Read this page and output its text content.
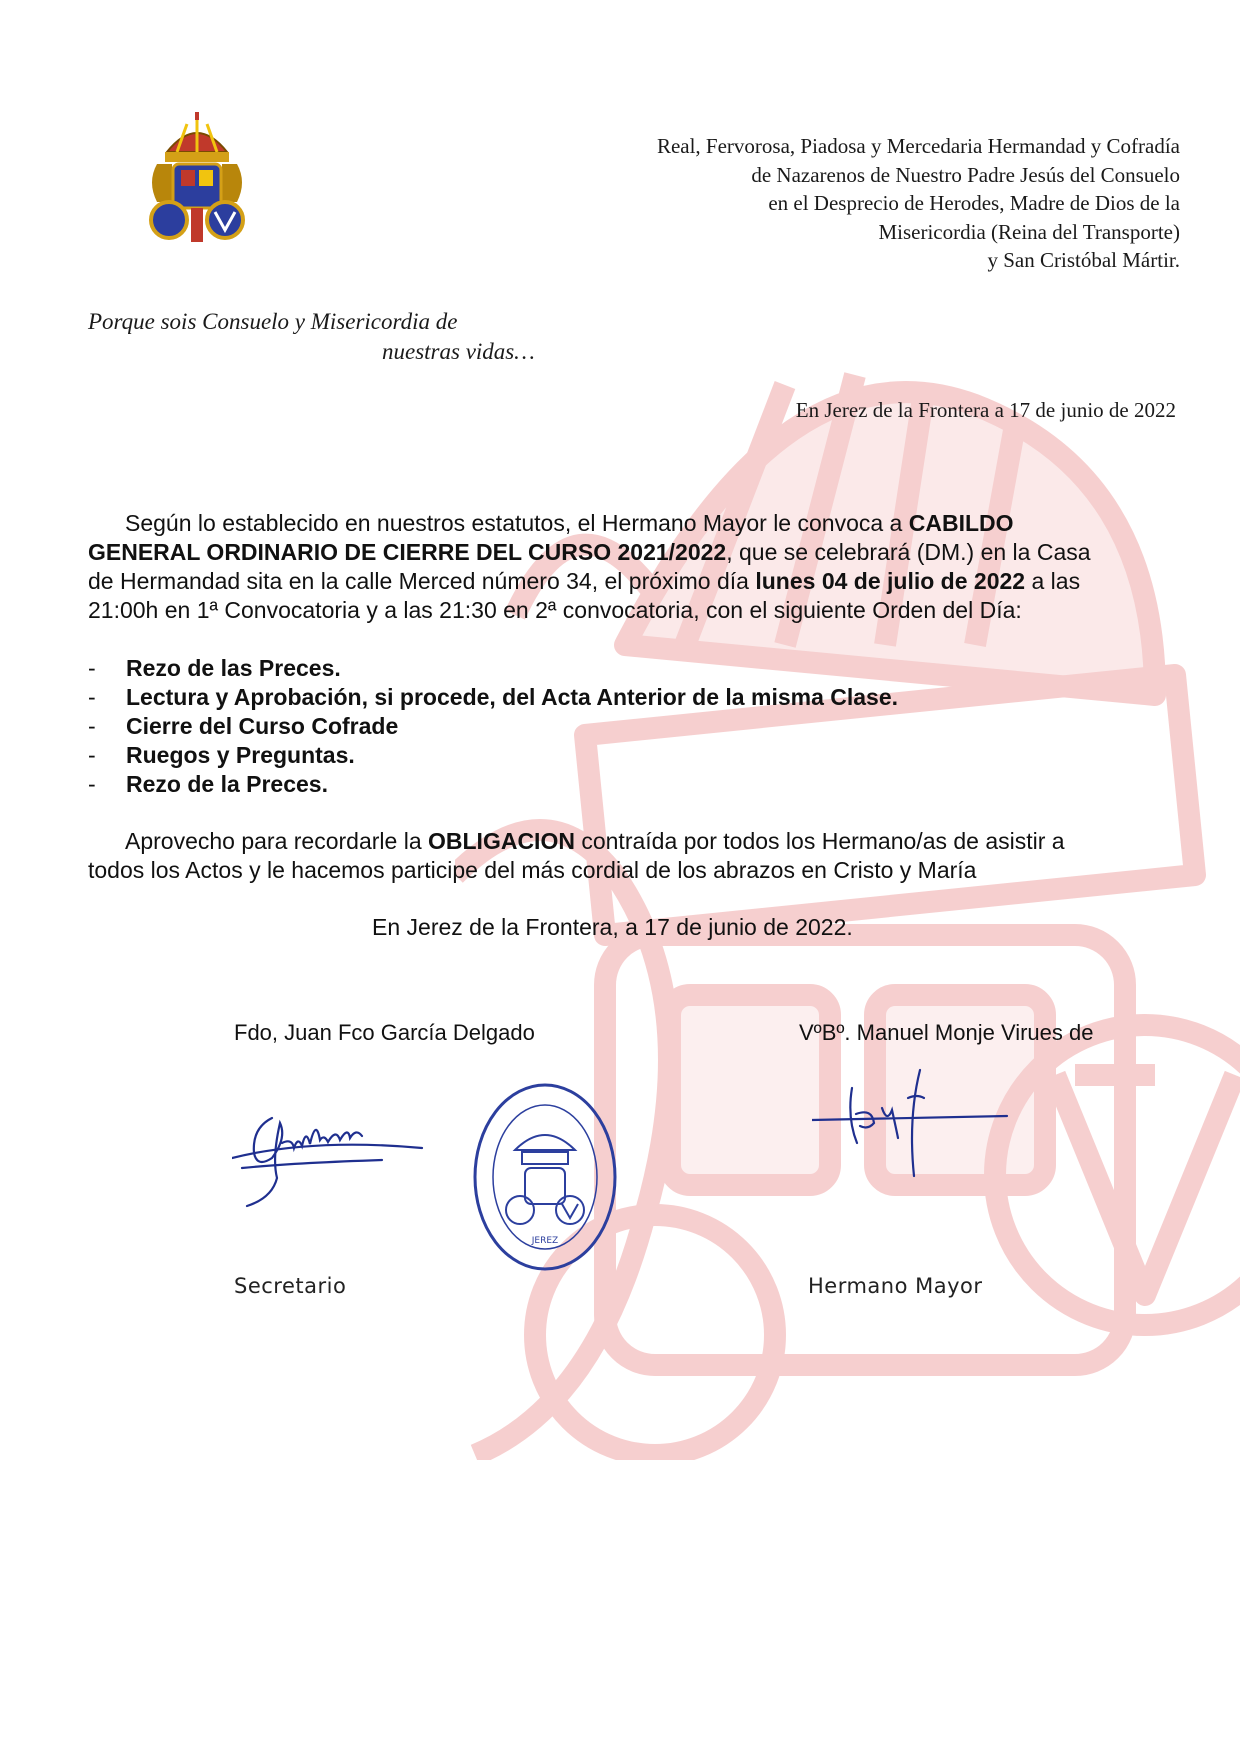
Real, Fervorosa, Piadosa y Mercedaria Hermandad y Cofradía
de Nazarenos de Nuestro Padre Jesús del Consuelo
en el Desprecio de Herodes, Madre de Dios de la
Misericordia (Reina del Transporte)
y San Cristóbal Mártir.
Porque sois Consuelo y Misericordia de
nuestras vidas…
En Jerez de la Frontera a 17 de junio de 2022
Según lo establecido en nuestros estatutos, el Hermano Mayor le convoca a CABILDO
GENERAL ORDINARIO DE CIERRE DEL CURSO 2021/2022, que se celebrará (DM.) en la Casa
de Hermandad sita en la calle Merced número 34, el próximo día lunes 04 de julio de 2022 a las
21:00h en 1ª Convocatoria y a las 21:30 en 2ª convocatoria, con el siguiente Orden del Día:
- Rezo de las Preces.
- Lectura y Aprobación, si procede, del Acta Anterior de la misma Clase.
- Cierre del Curso Cofrade
- Ruegos y Preguntas.
- Rezo de la Preces.
Aprovecho para recordarle la OBLIGACION contraída por todos los Hermano/as de asistir a
todos los Actos y le hacemos participe del más cordial de los abrazos en Cristo y María
En Jerez de la Frontera, a 17 de junio de 2022.
Fdo, Juan Fco García Delgado	VºBº. Manuel Monje Virues de
JEREZ
Secretario	Hermano Mayor
